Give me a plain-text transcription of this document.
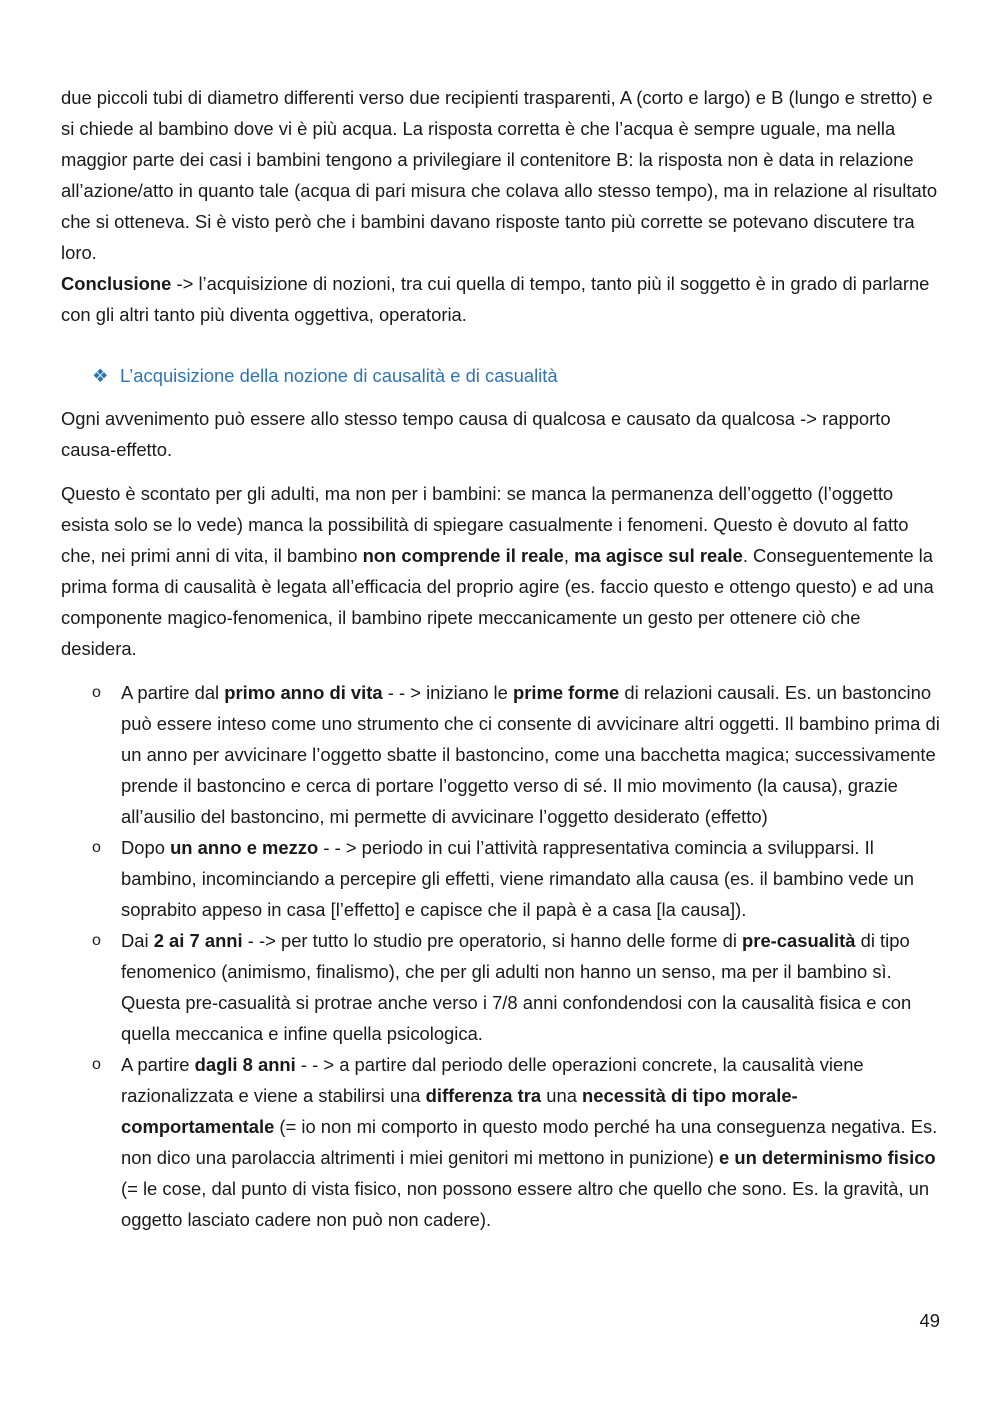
due piccoli tubi di diametro differenti verso due recipienti trasparenti, A (corto e largo) e B (lungo e stretto) e si chiede al bambino dove vi è più acqua. La risposta corretta è che l’acqua è sempre uguale, ma nella maggior parte dei casi i bambini tengono a privilegiare il contenitore B: la risposta non è data in relazione all’azione/atto in quanto tale (acqua di pari misura che colava allo stesso tempo), ma in relazione al risultato che si otteneva. Si è visto però che i bambini davano risposte tanto più corrette se potevano discutere tra loro.

Conclusione -> l’acquisizione di nozioni, tra cui quella di tempo, tanto più il soggetto è in grado di parlarne con gli altri tanto più diventa oggettiva, operatoria.

❖ L’acquisizione della nozione di causalità e di casualità

Ogni avvenimento può essere allo stesso tempo causa di qualcosa e causato da qualcosa -> rapporto causa-effetto.

Questo è scontato per gli adulti, ma non per i bambini: se manca la permanenza dell’oggetto (l’oggetto esista solo se lo vede) manca la possibilità di spiegare casualmente i fenomeni. Questo è dovuto al fatto che, nei primi anni di vita, il bambino non comprende il reale, ma agisce sul reale. Conseguentemente la prima forma di causalità è legata all’efficacia del proprio agire (es. faccio questo e ottengo questo) e ad una componente magico-fenomenica, il bambino ripete meccanicamente un gesto per ottenere ciò che desidera.

o	A partire dal primo anno di vita - - > iniziano le prime forme di relazioni causali. Es. un bastoncino può essere inteso come uno strumento che ci consente di avvicinare altri oggetti. Il bambino prima di un anno per avvicinare l’oggetto sbatte il bastoncino, come una bacchetta magica; successivamente prende il bastoncino e cerca di portare l’oggetto verso di sé. Il mio movimento (la causa), grazie all’ausilio del bastoncino, mi permette di avvicinare l’oggetto desiderato (effetto)
o	Dopo un anno e mezzo - - > periodo in cui l’attività rappresentativa comincia a svilupparsi. Il bambino, incominciando a percepire gli effetti, viene rimandato alla causa (es. il bambino vede un soprabito appeso in casa [l’effetto] e capisce che il papà è a casa [la causa]).
o	Dai 2 ai 7 anni - -> per tutto lo studio pre operatorio, si hanno delle forme di pre-casualità di tipo fenomenico (animismo, finalismo), che per gli adulti non hanno un senso, ma per il bambino sì.
Questa pre-casualità si protrae anche verso i 7/8 anni confondendosi con la causalità fisica e con quella meccanica e infine quella psicologica.
o	A partire dagli 8 anni - - > a partire dal periodo delle operazioni concrete, la causalità viene razionalizzata e viene a stabilirsi una differenza tra una necessità di tipo morale-comportamentale (= io non mi comporto in questo modo perché ha una conseguenza negativa. Es. non dico una parolaccia altrimenti i miei genitori mi mettono in punizione) e un determinismo fisico (= le cose, dal punto di vista fisico, non possono essere altro che quello che sono. Es. la gravità, un oggetto lasciato cadere non può non cadere).
49
